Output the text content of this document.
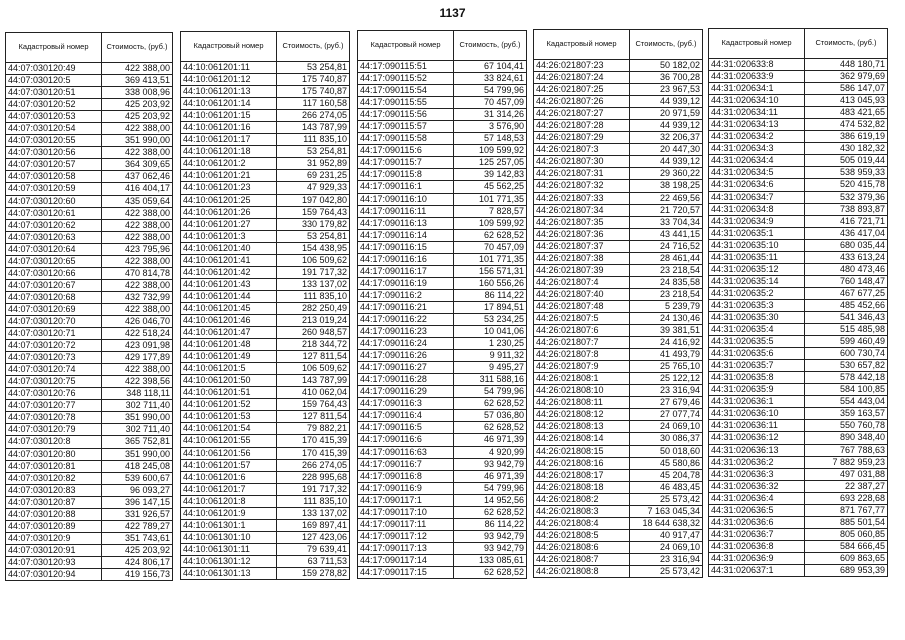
1137
Кадастровый номер	Стоимость, (руб.)
44:07:030120:49	422 388,00
44:07:030120:5	369 413,51
44:07:030120:51	338 008,96
44:07:030120:52	425 203,92
44:07:030120:53	425 203,92
44:07:030120:54	422 388,00
44:07:030120:55	351 990,00
44:07:030120:56	422 388,00
44:07:030120:57	364 309,65
44:07:030120:58	437 062,46
44:07:030120:59	416 404,17
44:07:030120:60	435 059,64
44:07:030120:61	422 388,00
44:07:030120:62	422 388,00
44:07:030120:63	422 388,00
44:07:030120:64	423 795,96
44:07:030120:65	422 388,00
44:07:030120:66	470 814,78
44:07:030120:67	422 388,00
44:07:030120:68	432 732,99
44:07:030120:69	422 388,00
44:07:030120:70	426 046,70
44:07:030120:71	422 518,24
44:07:030120:72	423 091,98
44:07:030120:73	429 177,89
44:07:030120:74	422 388,00
44:07:030120:75	422 398,56
44:07:030120:76	348 118,11
44:07:030120:77	302 711,40
44:07:030120:78	351 990,00
44:07:030120:79	302 711,40
44:07:030120:8	365 752,81
44:07:030120:80	351 990,00
44:07:030120:81	418 245,08
44:07:030120:82	539 600,67
44:07:030120:83	96 093,27
44:07:030120:87	396 147,15
44:07:030120:88	331 926,57
44:07:030120:89	422 789,27
44:07:030120:9	351 743,61
44:07:030120:91	425 203,92
44:07:030120:93	424 806,17
44:07:030120:94	419 156,73
Кадастровый номер	Стоимость, (руб.)
44:10:061201:11	53 254,81
44:10:061201:12	175 740,87
44:10:061201:13	175 740,87
44:10:061201:14	117 160,58
44:10:061201:15	266 274,05
44:10:061201:16	143 787,99
44:10:061201:17	111 835,10
44:10:061201:18	53 254,81
44:10:061201:2	31 952,89
44:10:061201:21	69 231,25
44:10:061201:23	47 929,33
44:10:061201:25	197 042,80
44:10:061201:26	159 764,43
44:10:061201:27	330 179,82
44:10:061201:3	53 254,81
44:10:061201:40	154 438,95
44:10:061201:41	106 509,62
44:10:061201:42	191 717,32
44:10:061201:43	133 137,02
44:10:061201:44	111 835,10
44:10:061201:45	282 250,49
44:10:061201:46	213 019,24
44:10:061201:47	260 948,57
44:10:061201:48	218 344,72
44:10:061201:49	127 811,54
44:10:061201:5	106 509,62
44:10:061201:50	143 787,99
44:10:061201:51	410 062,04
44:10:061201:52	159 764,43
44:10:061201:53	127 811,54
44:10:061201:54	79 882,21
44:10:061201:55	170 415,39
44:10:061201:56	170 415,39
44:10:061201:57	266 274,05
44:10:061201:6	228 995,68
44:10:061201:7	191 717,32
44:10:061201:8	111 835,10
44:10:061201:9	133 137,02
44:10:061301:1	169 897,41
44:10:061301:10	127 423,06
44:10:061301:11	79 639,41
44:10:061301:12	63 711,53
44:10:061301:13	159 278,82
Кадастровый номер	Стоимость, (руб.)
44:17:090115:51	67 104,41
44:17:090115:52	33 824,61
44:17:090115:54	54 799,96
44:17:090115:55	70 457,09
44:17:090115:56	31 314,26
44:17:090115:57	3 576,90
44:17:090115:58	57 148,53
44:17:090115:6	109 599,92
44:17:090115:7	125 257,05
44:17:090115:8	39 142,83
44:17:090116:1	45 562,25
44:17:090116:10	101 771,35
44:17:090116:11	7 828,57
44:17:090116:13	109 599,92
44:17:090116:14	62 628,52
44:17:090116:15	70 457,09
44:17:090116:16	101 771,35
44:17:090116:17	156 571,31
44:17:090116:19	160 556,26
44:17:090116:2	86 114,22
44:17:090116:21	17 894,51
44:17:090116:22	53 234,25
44:17:090116:23	10 041,06
44:17:090116:24	1 230,25
44:17:090116:26	9 911,32
44:17:090116:27	9 495,27
44:17:090116:28	311 588,16
44:17:090116:29	54 799,96
44:17:090116:3	62 628,52
44:17:090116:4	57 036,80
44:17:090116:5	62 628,52
44:17:090116:6	46 971,39
44:17:090116:63	4 920,99
44:17:090116:7	93 942,79
44:17:090116:8	46 971,39
44:17:090116:9	54 799,96
44:17:090117:1	14 952,56
44:17:090117:10	62 628,52
44:17:090117:11	86 114,22
44:17:090117:12	93 942,79
44:17:090117:13	93 942,79
44:17:090117:14	133 085,61
44:17:090117:15	62 628,52
Кадастровый номер	Стоимость, (руб.)
44:26:021807:23	50 182,02
44:26:021807:24	36 700,28
44:26:021807:25	23 967,53
44:26:021807:26	44 939,12
44:26:021807:27	20 971,59
44:26:021807:28	44 939,12
44:26:021807:29	32 206,37
44:26:021807:3	20 447,30
44:26:021807:30	44 939,12
44:26:021807:31	29 360,22
44:26:021807:32	38 198,25
44:26:021807:33	22 469,56
44:26:021807:34	21 720,57
44:26:021807:35	33 704,34
44:26:021807:36	43 441,15
44:26:021807:37	24 716,52
44:26:021807:38	28 461,44
44:26:021807:39	23 218,54
44:26:021807:4	24 835,58
44:26:021807:40	23 218,54
44:26:021807:48	5 239,79
44:26:021807:5	24 130,46
44:26:021807:6	39 381,51
44:26:021807:7	24 416,92
44:26:021807:8	41 493,79
44:26:021807:9	25 765,10
44:26:021808:1	25 122,12
44:26:021808:10	23 316,94
44:26:021808:11	27 679,46
44:26:021808:12	27 077,74
44:26:021808:13	24 069,10
44:26:021808:14	30 086,37
44:26:021808:15	50 018,60
44:26:021808:16	45 580,86
44:26:021808:17	45 204,78
44:26:021808:18	46 483,45
44:26:021808:2	25 573,42
44:26:021808:3	7 163 045,34
44:26:021808:4	18 644 638,32
44:26:021808:5	40 917,47
44:26:021808:6	24 069,10
44:26:021808:7	23 316,94
44:26:021808:8	25 573,42
Кадастровый номер	Стоимость, (руб.)
44:31:020633:8	448 180,71
44:31:020633:9	362 979,69
44:31:020634:1	586 147,07
44:31:020634:10	413 045,93
44:31:020634:11	483 421,65
44:31:020634:13	474 532,82
44:31:020634:2	386 619,19
44:31:020634:3	430 182,32
44:31:020634:4	505 019,44
44:31:020634:5	538 959,33
44:31:020634:6	520 415,78
44:31:020634:7	532 379,36
44:31:020634:8	738 893,87
44:31:020634:9	416 721,71
44:31:020635:1	436 417,04
44:31:020635:10	680 035,44
44:31:020635:11	433 613,24
44:31:020635:12	480 473,46
44:31:020635:14	760 148,47
44:31:020635:2	467 677,25
44:31:020635:3	485 452,66
44:31:020635:30	541 346,43
44:31:020635:4	515 485,98
44:31:020635:5	599 460,49
44:31:020635:6	600 730,74
44:31:020635:7	530 657,82
44:31:020635:8	578 442,18
44:31:020635:9	584 100,85
44:31:020636:1	554 443,04
44:31:020636:10	359 163,57
44:31:020636:11	550 760,78
44:31:020636:12	890 348,40
44:31:020636:13	767 788,63
44:31:020636:2	7 882 959,23
44:31:020636:3	497 031,88
44:31:020636:32	22 387,27
44:31:020636:4	693 228,68
44:31:020636:5	871 767,77
44:31:020636:6	885 501,54
44:31:020636:7	805 060,85
44:31:020636:8	584 666,45
44:31:020636:9	609 863,65
44:31:020637:1	689 953,39
